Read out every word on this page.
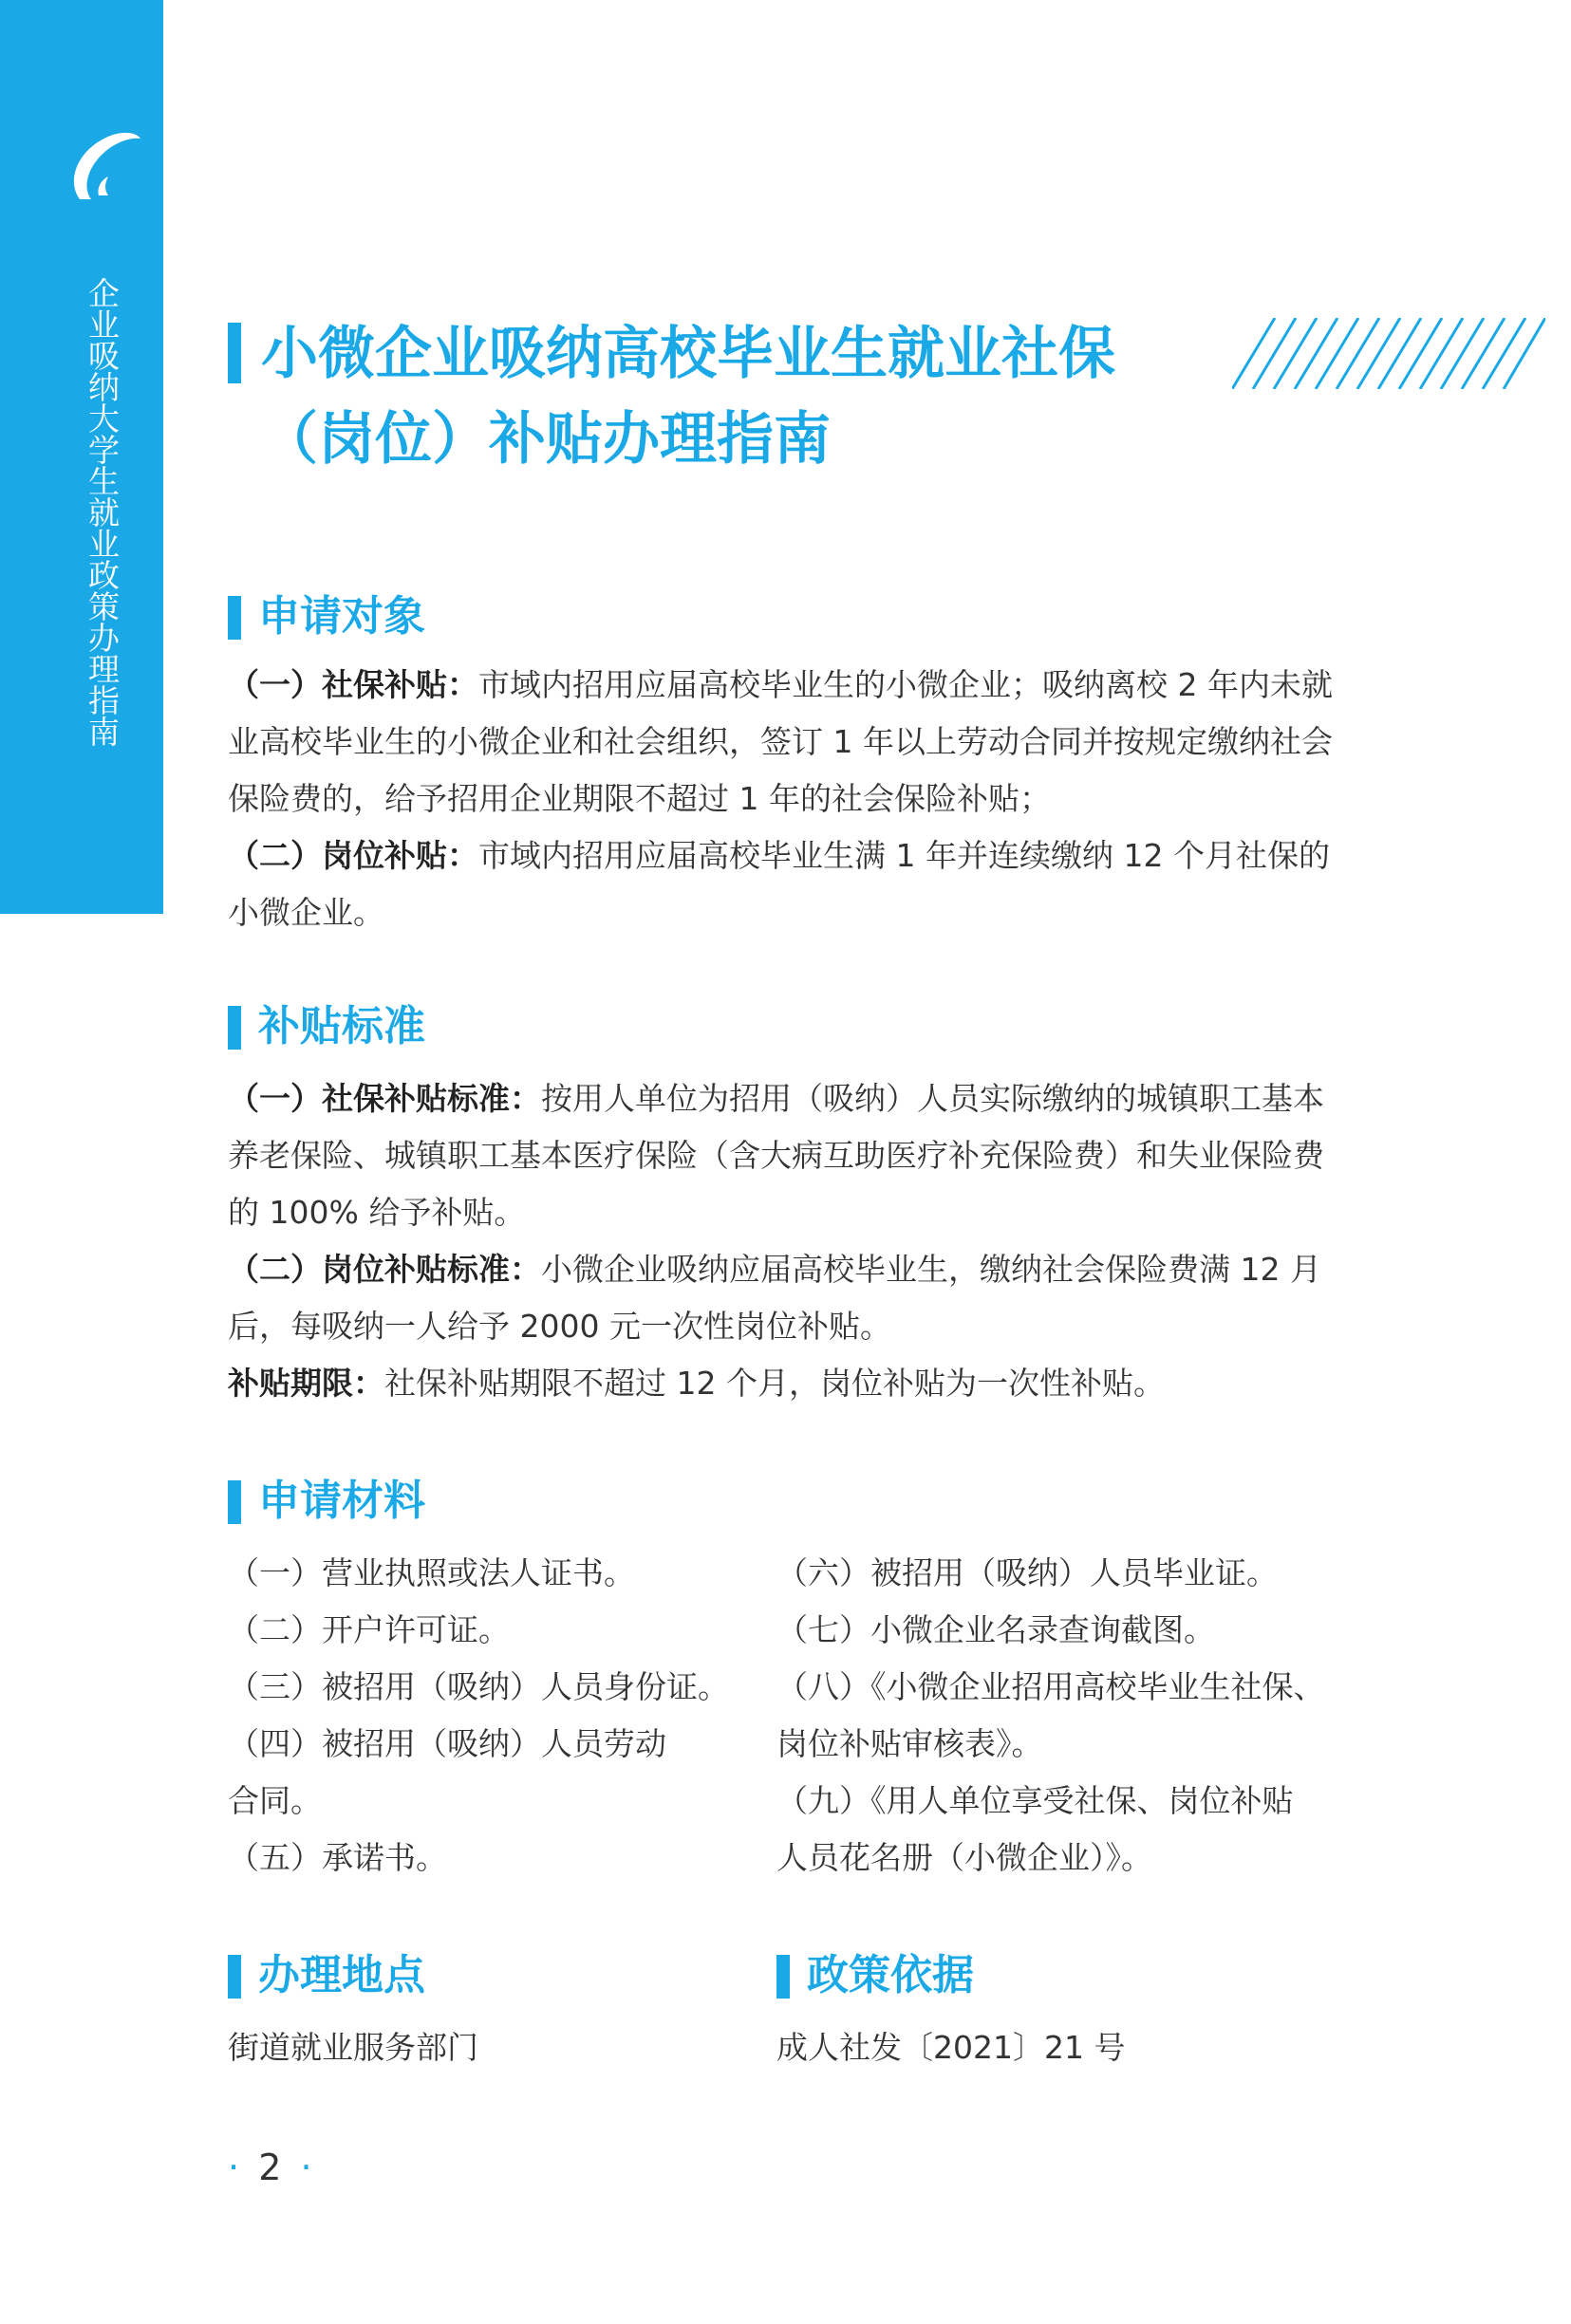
企业吸纳大学生就业政策办理指南 小微企业吸纳高校毕业生就业社保
（岗位）补贴办理指南
申请对象
（一）社保补贴：市域内招用应届高校毕业生的小微企业；吸纳离校 2 年内未就业高校毕业生的小微企业和社会组织，签订 1 年以上劳动合同并按规定缴纳社会保险费的，给予招用企业期限不超过 1 年的社会保险补贴；
（二）岗位补贴：市域内招用应届高校毕业生满 1 年并连续缴纳 12 个月社保的小微企业。
补贴标准
（一）社保补贴标准：按用人单位为招用（吸纳）人员实际缴纳的城镇职工基本养老保险、城镇职工基本医疗保险（含大病互助医疗补充保险费）和失业保险费的 100% 给予补贴。
（二）岗位补贴标准：小微企业吸纳应届高校毕业生，缴纳社会保险费满 12 月后，每吸纳一人给予 2000 元一次性岗位补贴。
补贴期限：社保补贴期限不超过 12 个月，岗位补贴为一次性补贴。
申请材料
（一）营业执照或法人证书。
（二）开户许可证。
（三）被招用（吸纳）人员身份证。
（四）被招用（吸纳）人员劳动
合同。
（五）承诺书。
（六）被招用（吸纳）人员毕业证。
（七）小微企业名录查询截图。
（八）《小微企业招用高校毕业生社保、
岗位补贴审核表》。
（九）《用人单位享受社保、岗位补贴
人员花名册（小微企业）》。
办理地点
街道就业服务部门
政策依据
成人社发〔2021〕21 号
· 2 ·
